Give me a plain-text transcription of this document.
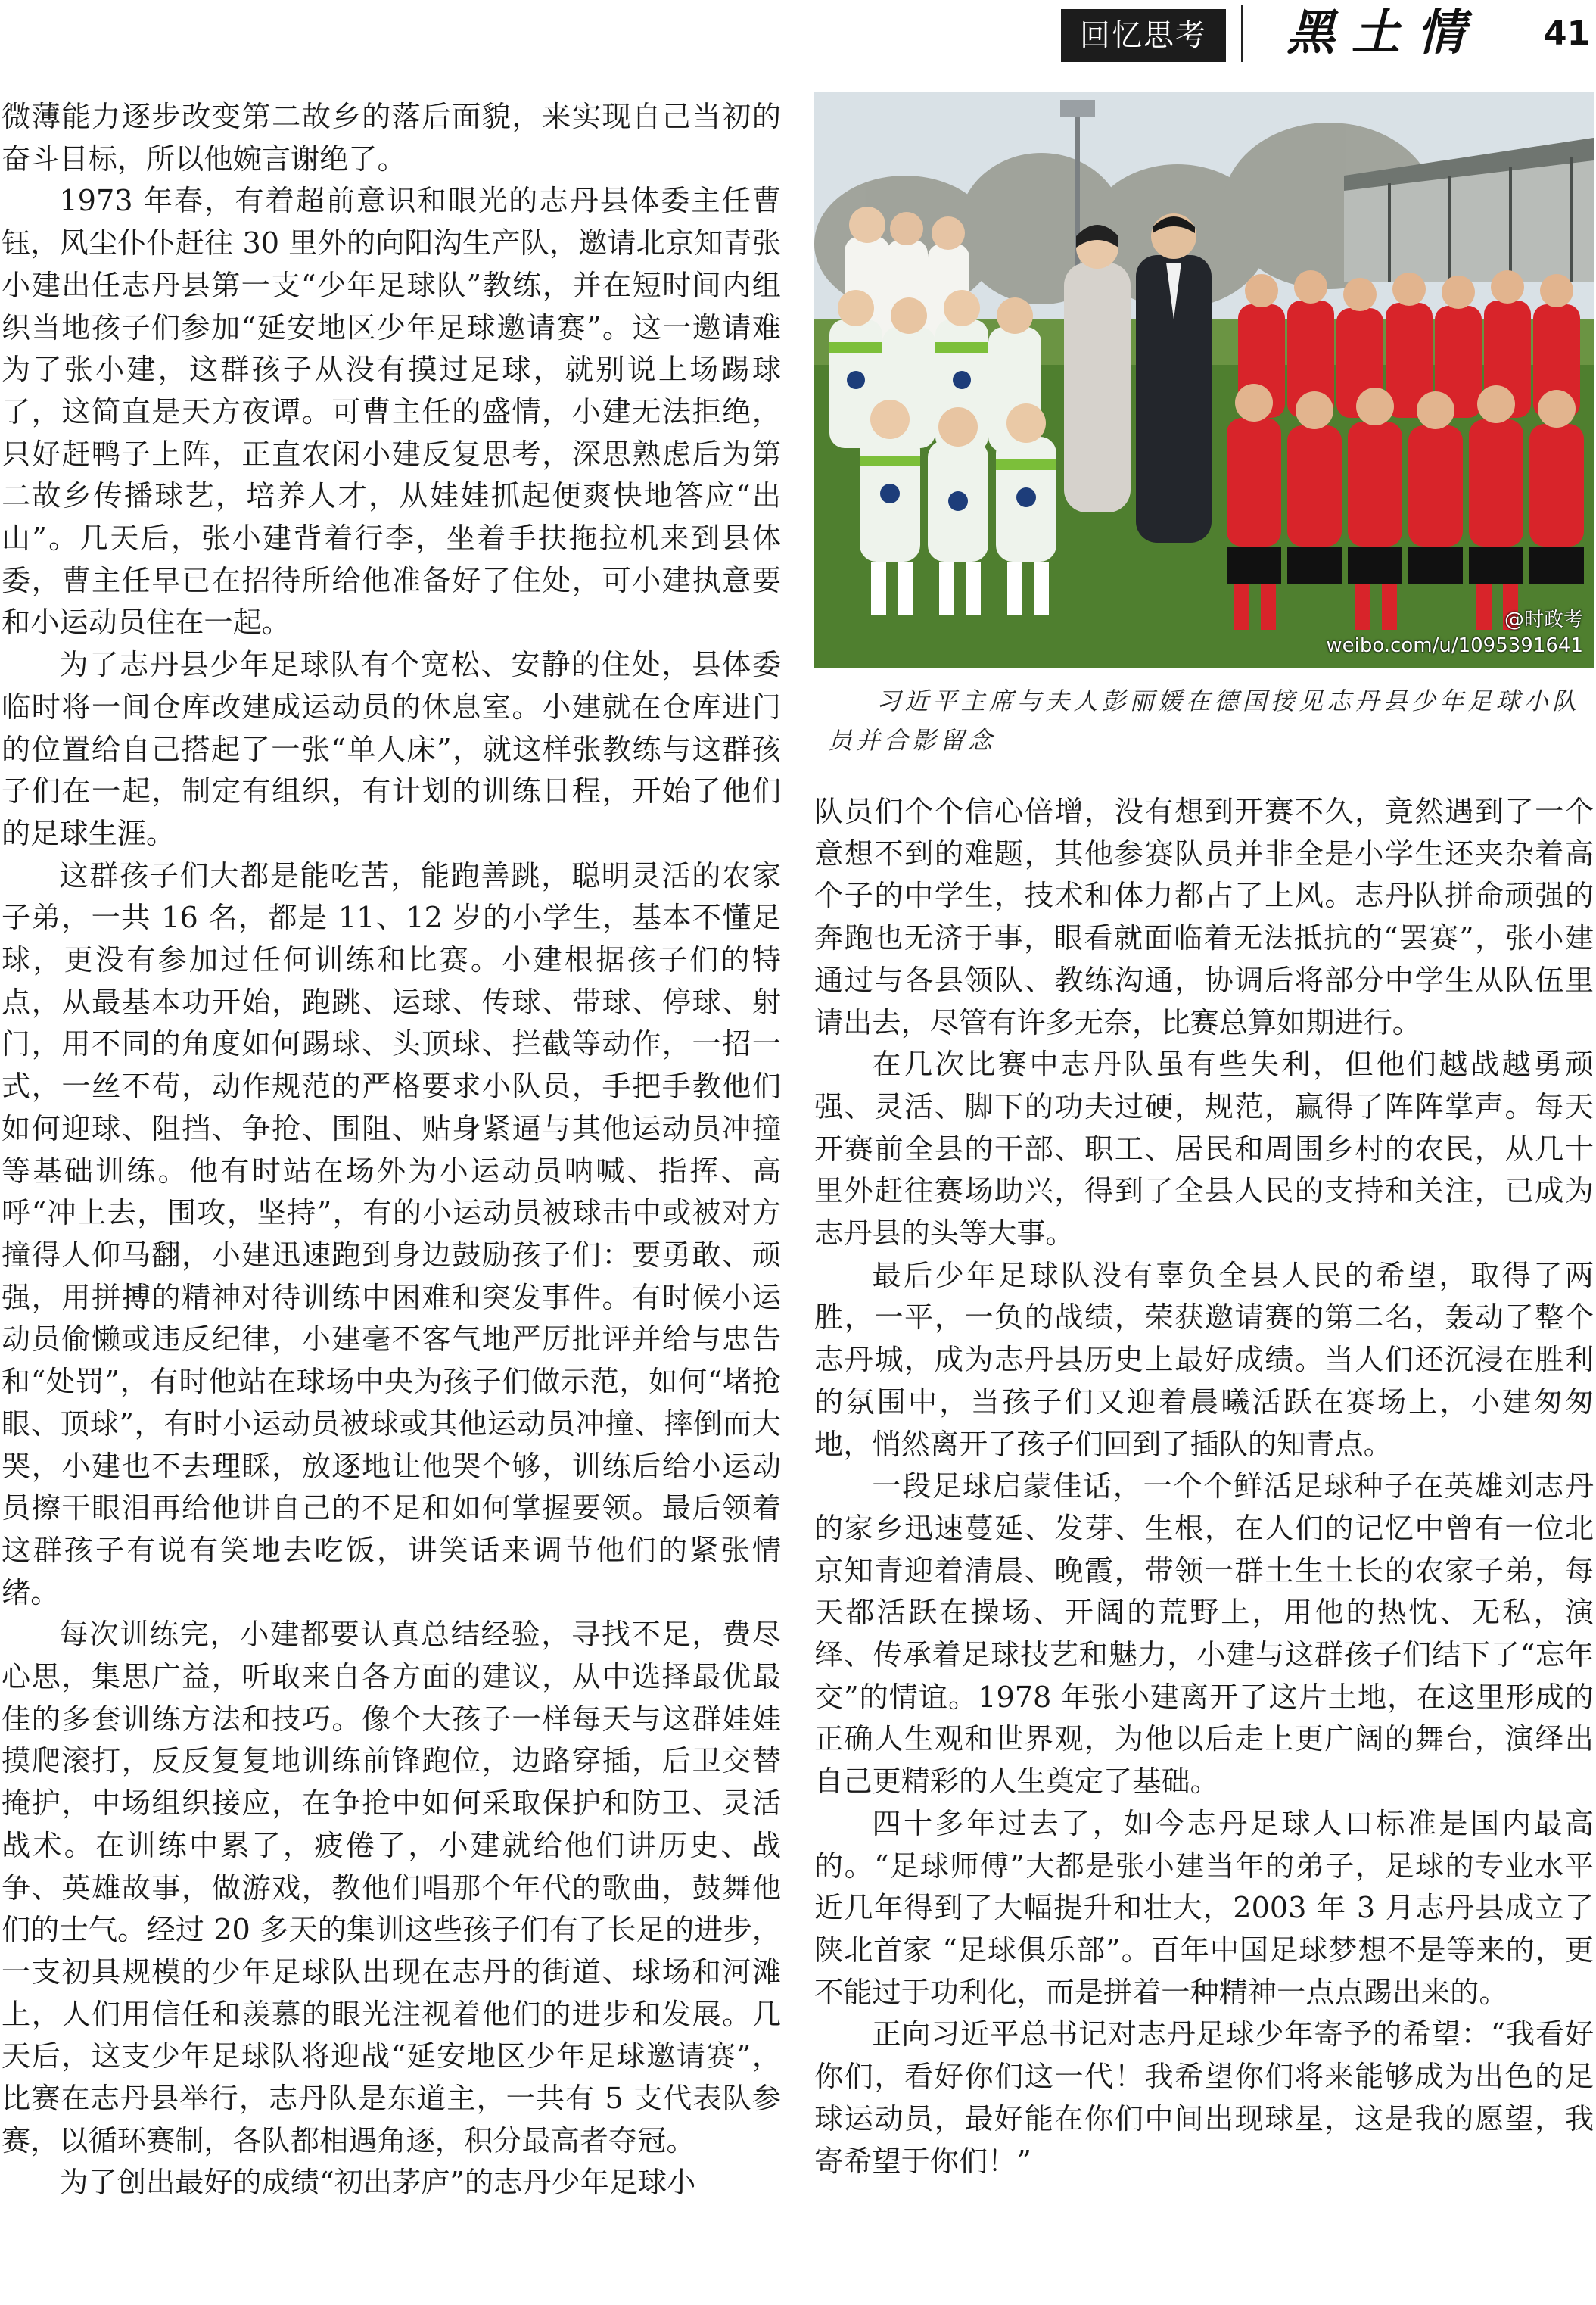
回忆思考	黑土情 41

微薄能力逐步改变第二故乡的落后面貌，来实现自己当初的奋斗目标，所以他婉言谢绝了。

1973 年春，有着超前意识和眼光的志丹县体委主任曹钰，风尘仆仆赶往 30 里外的向阳沟生产队，邀请北京知青张小建出任志丹县第一支“少年足球队”教练，并在短时间内组织当地孩子们参加“延安地区少年足球邀请赛”。这一邀请难为了张小建，这群孩子从没有摸过足球，就别说上场踢球了，这简直是天方夜谭。可曹主任的盛情，小建无法拒绝，只好赶鸭子上阵，正直农闲小建反复思考，深思熟虑后为第二故乡传播球艺，培养人才，从娃娃抓起便爽快地答应“出山”。几天后，张小建背着行李，坐着手扶拖拉机来到县体委，曹主任早已在招待所给他准备好了住处，可小建执意要和小运动员住在一起。

为了志丹县少年足球队有个宽松、安静的住处，县体委临时将一间仓库改建成运动员的休息室。小建就在仓库进门的位置给自己搭起了一张“单人床”，就这样张教练与这群孩子们在一起，制定有组织，有计划的训练日程，开始了他们的足球生涯。

这群孩子们大都是能吃苦，能跑善跳，聪明灵活的农家子弟，一共 16 名，都是 11、12 岁的小学生，基本不懂足球，更没有参加过任何训练和比赛。小建根据孩子们的特点，从最基本功开始，跑跳、运球、传球、带球、停球、射门，用不同的角度如何踢球、头顶球、拦截等动作，一招一式，一丝不苟，动作规范的严格要求小队员，手把手教他们如何迎球、阻挡、争抢、围阻、贴身紧逼与其他运动员冲撞等基础训练。他有时站在场外为小运动员呐喊、指挥、高呼“冲上去，围攻，坚持”，有的小运动员被球击中或被对方撞得人仰马翻，小建迅速跑到身边鼓励孩子们：要勇敢、顽强，用拼搏的精神对待训练中困难和突发事件。有时候小运动员偷懒或违反纪律，小建毫不客气地严厉批评并给与忠告和“处罚”，有时他站在球场中央为孩子们做示范，如何“堵抢眼、顶球”，有时小运动员被球或其他运动员冲撞、摔倒而大哭，小建也不去理睬，放逐地让他哭个够，训练后给小运动员擦干眼泪再给他讲自己的不足和如何掌握要领。最后领着这群孩子有说有笑地去吃饭，讲笑话来调节他们的紧张情绪。

每次训练完，小建都要认真总结经验，寻找不足，费尽心思，集思广益，听取来自各方面的建议，从中选择最优最佳的多套训练方法和技巧。像个大孩子一样每天与这群娃娃摸爬滚打，反反复复地训练前锋跑位，边路穿插，后卫交替掩护，中场组织接应，在争抢中如何采取保护和防卫、灵活战术。在训练中累了，疲倦了，小建就给他们讲历史、战争、英雄故事，做游戏，教他们唱那个年代的歌曲，鼓舞他们的士气。经过 20 多天的集训这些孩子们有了长足的进步，一支初具规模的少年足球队出现在志丹的街道、球场和河滩上，人们用信任和羡慕的眼光注视着他们的进步和发展。几天后，这支少年足球队将迎战“延安地区少年足球邀请赛”，比赛在志丹县举行，志丹队是东道主，一共有 5 支代表队参赛，以循环赛制，各队都相遇角逐，积分最高者夺冠。

为了创出最好的成绩“初出茅庐”的志丹少年足球小

@时政考
weibo.com/u/1095391641

习近平主席与夫人彭丽媛在德国接见志丹县少年足球小队员并合影留念

队员们个个信心倍增，没有想到开赛不久，竟然遇到了一个意想不到的难题，其他参赛队员并非全是小学生还夹杂着高个子的中学生，技术和体力都占了上风。志丹队拼命顽强的奔跑也无济于事，眼看就面临着无法抵抗的“罢赛”，张小建通过与各县领队、教练沟通，协调后将部分中学生从队伍里请出去，尽管有许多无奈，比赛总算如期进行。

在几次比赛中志丹队虽有些失利，但他们越战越勇顽强、灵活、脚下的功夫过硬，规范，赢得了阵阵掌声。每天开赛前全县的干部、职工、居民和周围乡村的农民，从几十里外赶往赛场助兴，得到了全县人民的支持和关注，已成为志丹县的头等大事。

最后少年足球队没有辜负全县人民的希望，取得了两胜，一平，一负的战绩，荣获邀请赛的第二名，轰动了整个志丹城，成为志丹县历史上最好成绩。当人们还沉浸在胜利的氛围中，当孩子们又迎着晨曦活跃在赛场上，小建匆匆地，悄然离开了孩子们回到了插队的知青点。

一段足球启蒙佳话，一个个鲜活足球种子在英雄刘志丹的家乡迅速蔓延、发芽、生根，在人们的记忆中曾有一位北京知青迎着清晨、晚霞，带领一群土生土长的农家子弟，每天都活跃在操场、开阔的荒野上，用他的热忱、无私，演绎、传承着足球技艺和魅力，小建与这群孩子们结下了“忘年交”的情谊。1978 年张小建离开了这片土地，在这里形成的正确人生观和世界观，为他以后走上更广阔的舞台，演绎出自己更精彩的人生奠定了基础。

四十多年过去了，如今志丹足球人口标准是国内最高的。“足球师傅”大都是张小建当年的弟子，足球的专业水平近几年得到了大幅提升和壮大，2003 年 3 月志丹县成立了陕北首家 “足球俱乐部”。百年中国足球梦想不是等来的，更不能过于功利化，而是拼着一种精神一点点踢出来的。

正向习近平总书记对志丹足球少年寄予的希望：“我看好你们，看好你们这一代！我希望你们将来能够成为出色的足球运动员，最好能在你们中间出现球星，这是我的愿望，我寄希望于你们！”
